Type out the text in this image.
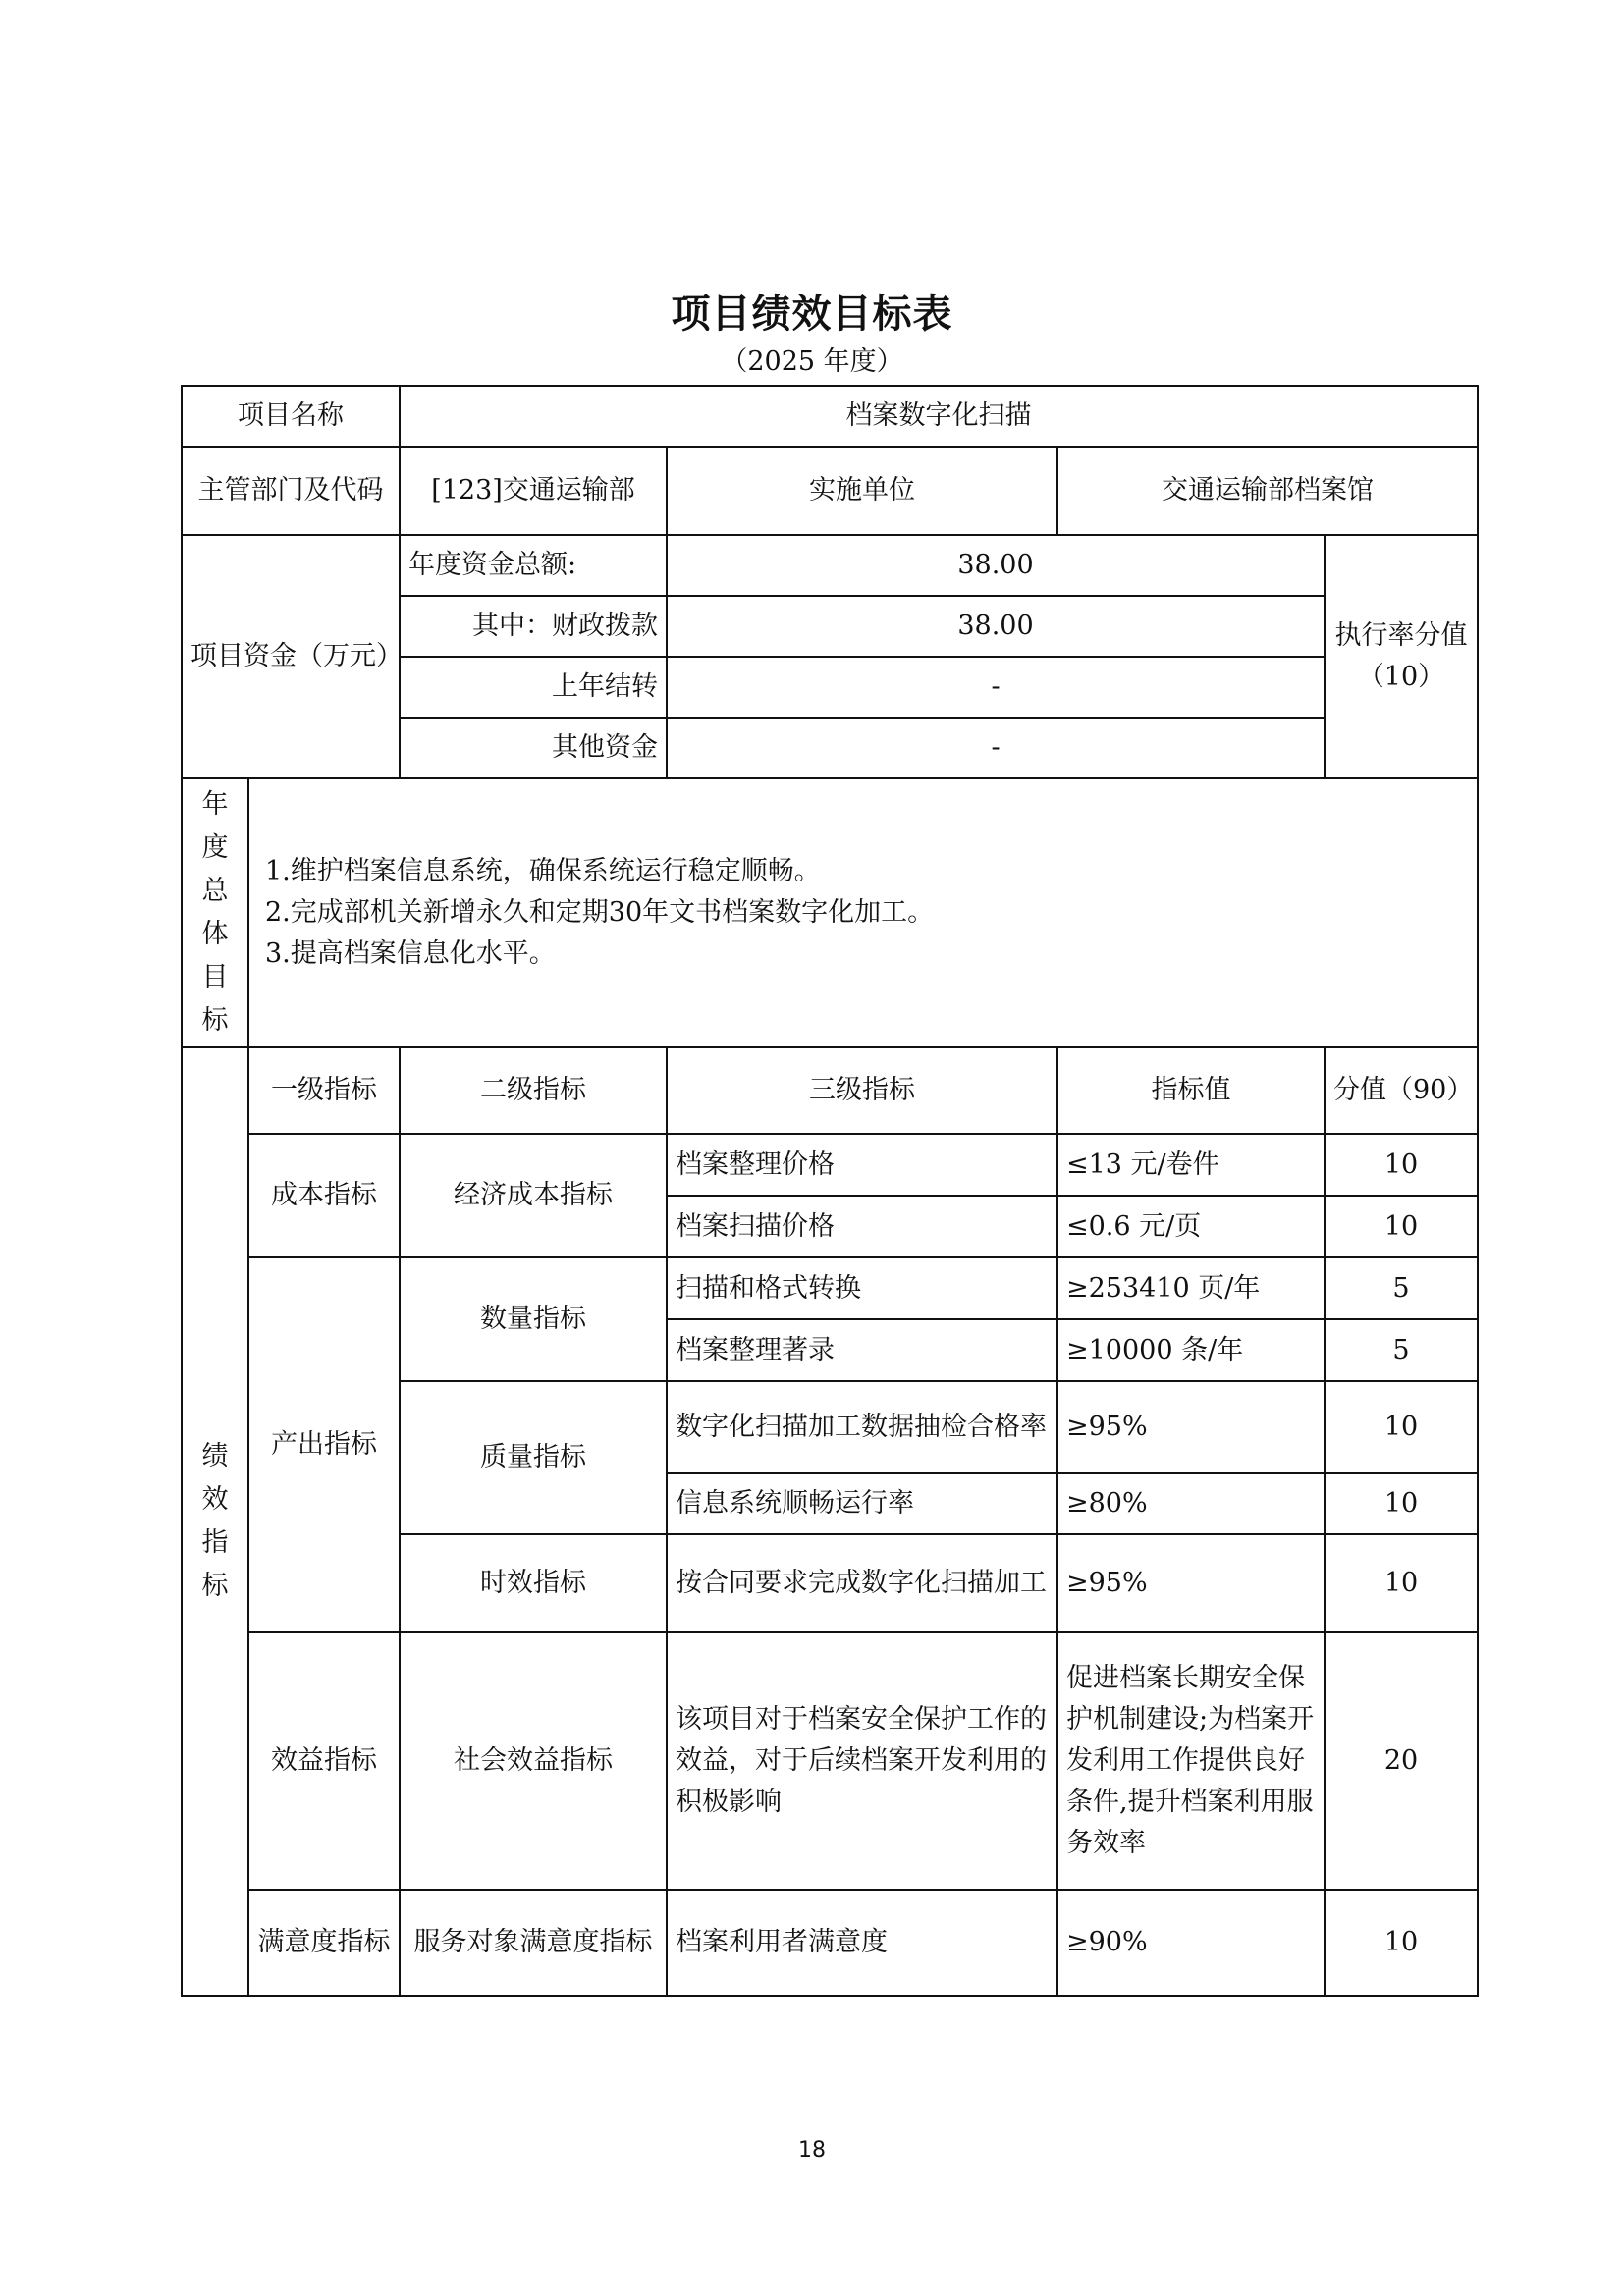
项目绩效目标表
（2025 年度）
项目名称		档案数字化扫描			
主管部门及代码		[123]交通运输部	实施单位	交通运输部档案馆	
项目资金（万元）		年度资金总额:	38.00		执行率分值（10）
		其中：财政拨款	38.00		
		上年结转	-		
		其他资金	-		

年度总体目标	1.维护档案信息系统，确保系统运行稳定顺畅。
2.完成部机关新增永久和定期30年文书档案数字化加工。
3.提高档案信息化水平。				

绩效指标	一级指标	二级指标	三级指标	指标值	分值（90）
	成本指标	经济成本指标	档案整理价格	≤13 元/卷件	10
			档案扫描价格	≤0.6 元/页	10
	产出指标	数量指标	扫描和格式转换	≥253410 页/年	5
			档案整理著录	≥10000 条/年	5
		质量指标	数字化扫描加工数据抽检合格率	≥95%	10
			信息系统顺畅运行率	≥80%	10
		时效指标	按合同要求完成数字化扫描加工	≥95%	10
	效益指标	社会效益指标	该项目对于档案安全保护工作的效益，对于后续档案开发利用的积极影响	促进档案长期安全保护机制建设;为档案开发利用工作提供良好条件,提升档案利用服务效率	20
	满意度指标	服务对象满意度指标	档案利用者满意度	≥90%	10
18
